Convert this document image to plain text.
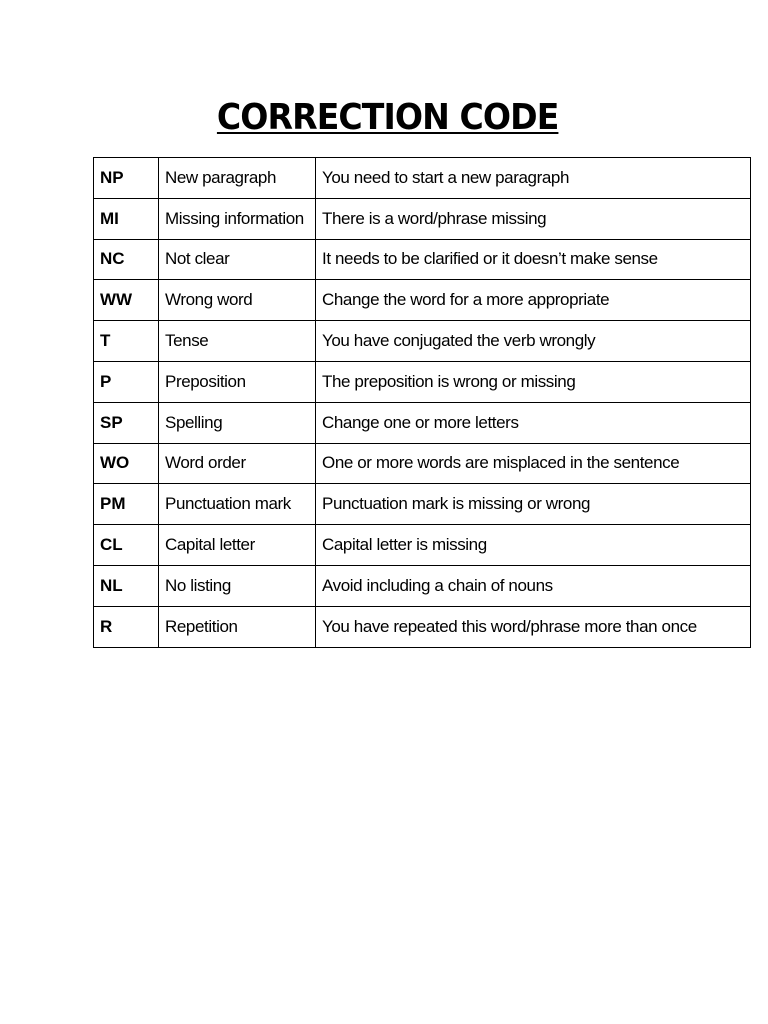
CORRECTION CODE
NP	New paragraph	You need to start a new paragraph
MI	Missing information	There is a word/phrase missing
NC	Not clear	It needs to be clarified or it doesn’t make sense
WW	Wrong word	Change the word for a more appropriate
T	Tense	You have conjugated the verb wrongly
P	Preposition	The preposition is wrong or missing
SP	Spelling	Change one or more letters
WO	Word order	One or more words are misplaced in the sentence
PM	Punctuation mark	Punctuation mark is missing or wrong
CL	Capital letter	Capital letter is missing
NL	No listing	Avoid including a chain of nouns
R	Repetition	You have repeated this word/phrase more than once
